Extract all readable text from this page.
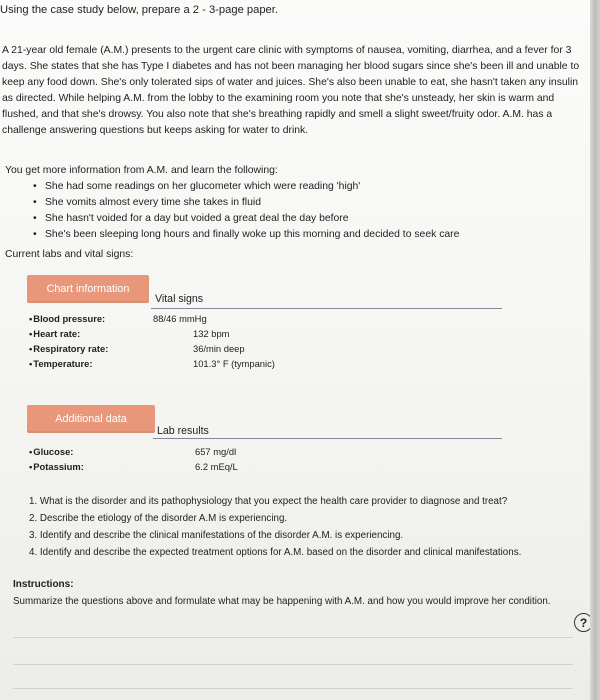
Using the case study below, prepare a 2 - 3-page paper.

A 21-year old female (A.M.) presents to the urgent care clinic with symptoms of nausea, vomiting, diarrhea, and a fever for 3 days. She states that she has Type I diabetes and has not been managing her blood sugars since she's been ill and unable to keep any food down. She's only tolerated sips of water and juices. She's also been unable to eat, she hasn't taken any insulin as directed. While helping A.M. from the lobby to the examining room you note that she's unsteady, her skin is warm and flushed, and that she's drowsy. You also note that she's breathing rapidly and smell a slight sweet/fruity odor. A.M. has a challenge answering questions but keeps asking for water to drink.

You get more information from A.M. and learn the following:

• She had some readings on her glucometer which were reading 'high'
• She vomits almost every time she takes in fluid
• She hasn't voided for a day but voided a great deal the day before
• She's been sleeping long hours and finally woke up this morning and decided to seek care

Current labs and vital signs:

Chart information
Vital signs
• Blood pressure:
• Heart rate:
• Respiratory rate:
• Temperature:
88/46 mmHg
132 bpm
36/min deep
101.3° F (tympanic)
Additional data
Lab results
• Glucose:
• Potassium:
657 mg/dl
6.2 mEq/L
1. What is the disorder and its pathophysiology that you expect the health care provider to diagnose and treat?
2. Describe the etiology of the disorder A.M is experiencing.
3. Identify and describe the clinical manifestations of the disorder A.M. is experiencing.
4. Identify and describe the expected treatment options for A.M. based on the disorder and clinical manifestations.
Instructions:
Summarize the questions above and formulate what may be happening with A.M. and how you would improve her condition.
?
